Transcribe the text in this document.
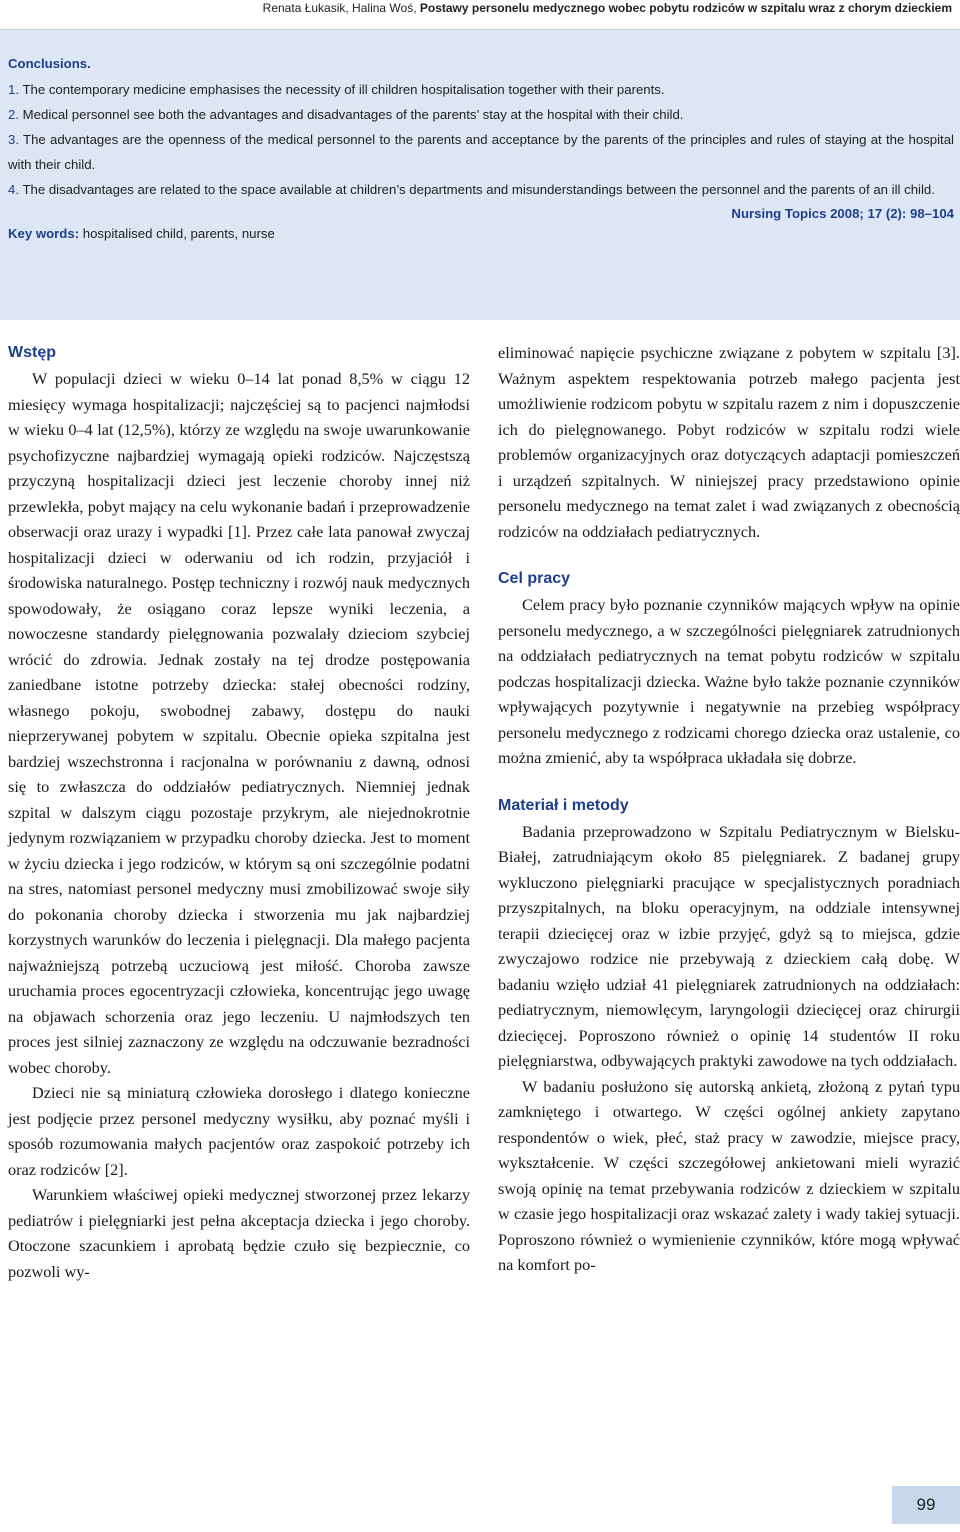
Renata Łukasik, Halina Woś, Postawy personelu medycznego wobec pobytu rodziców w szpitalu wraz z chorym dzieckiem
Conclusions.
1. The contemporary medicine emphasises the necessity of ill children hospitalisation together with their parents.
2. Medical personnel see both the advantages and disadvantages of the parents’ stay at the hospital with their child.
3. The advantages are the openness of the medical personnel to the parents and acceptance by the parents of the principles and rules of staying at the hospital with their child.
4. The disadvantages are related to the space available at children’s departments and misunderstandings between the personnel and the parents of an ill child.
Nursing Topics 2008; 17 (2): 98–104
Key words: hospitalised child, parents, nurse
Wstęp

W populacji dzieci w wieku 0–14 lat ponad 8,5% w ciągu 12 miesięcy wymaga hospitalizacji; najczęściej są to pacjenci najmłodsi w wieku 0–4 lat (12,5%), którzy ze względu na swoje uwarunkowanie psychofizyczne najbardziej wymagają opieki rodziców. Najczęstszą przyczyną hospitalizacji dzieci jest leczenie choroby innej niż przewlekła, pobyt mający na celu wykonanie badań i przeprowadzenie obserwacji oraz urazy i wypadki [1]. Przez całe lata panował zwyczaj hospitalizacji dzieci w oderwaniu od ich rodzin, przyjaciół i środowiska naturalnego. Postęp techniczny i rozwój nauk medycznych spowodowały, że osiągano coraz lepsze wyniki leczenia, a nowoczesne standardy pielęgnowania pozwalały dzieciom szybciej wrócić do zdrowia. Jednak zostały na tej drodze postępowania zaniedbane istotne potrzeby dziecka: stałej obecności rodziny, własnego pokoju, swobodnej zabawy, dostępu do nauki nieprzerywanej pobytem w szpitalu. Obecnie opieka szpitalna jest bardziej wszechstronna i racjonalna w porównaniu z dawną, odnosi się to zwłaszcza do oddziałów pediatrycznych. Niemniej jednak szpital w dalszym ciągu pozostaje przykrym, ale niejednokrotnie jedynym rozwiązaniem w przypadku choroby dziecka. Jest to moment w życiu dziecka i jego rodziców, w którym są oni szczególnie podatni na stres, natomiast personel medyczny musi zmobilizować swoje siły do pokonania choroby dziecka i stworzenia mu jak najbardziej korzystnych warunków do leczenia i pielęgnacji. Dla małego pacjenta najważniejszą potrzebą uczuciową jest miłość. Choroba zawsze uruchamia proces egocentryzacji człowieka, koncentrując jego uwagę na objawach schorzenia oraz jego leczeniu. U najmłodszych ten proces jest silniej zaznaczony ze względu na odczuwanie bezradności wobec choroby.

Dzieci nie są miniaturą człowieka dorosłego i dlatego konieczne jest podjęcie przez personel medyczny wysiłku, aby poznać myśli i sposób rozumowania małych pacjentów oraz zaspokoić potrzeby ich oraz rodziców [2].

Warunkiem właściwej opieki medycznej stworzonej przez lekarzy pediatrów i pielęgniarki jest pełna akceptacja dziecka i jego choroby. Otoczone szacunkiem i aprobatą będzie czuło się bezpiecznie, co pozwoli wy-

eliminować napięcie psychiczne związane z pobytem w szpitalu [3]. Ważnym aspektem respektowania potrzeb małego pacjenta jest umożliwienie rodzicom pobytu w szpitalu razem z nim i dopuszczenie ich do pielęgnowanego. Pobyt rodziców w szpitalu rodzi wiele problemów organizacyjnych oraz dotyczących adaptacji pomieszczeń i urządzeń szpitalnych. W niniejszej pracy przedstawiono opinie personelu medycznego na temat zalet i wad związanych z obecnością rodziców na oddziałach pediatrycznych.

Cel pracy

Celem pracy było poznanie czynników mających wpływ na opinie personelu medycznego, a w szczególności pielęgniarek zatrudnionych na oddziałach pediatrycznych na temat pobytu rodziców w szpitalu podczas hospitalizacji dziecka. Ważne było także poznanie czynników wpływających pozytywnie i negatywnie na przebieg współpracy personelu medycznego z rodzicami chorego dziecka oraz ustalenie, co można zmienić, aby ta współpraca układała się dobrze.

Materiał i metody

Badania przeprowadzono w Szpitalu Pediatrycznym w Bielsku-Białej, zatrudniającym około 85 pielęgniarek. Z badanej grupy wykluczono pielęgniarki pracujące w specjalistycznych poradniach przyszpitalnych, na bloku operacyjnym, na oddziale intensywnej terapii dziecięcej oraz w izbie przyjęć, gdyż są to miejsca, gdzie zwyczajowo rodzice nie przebywają z dzieckiem całą dobę. W badaniu wzięło udział 41 pielęgniarek zatrudnionych na oddziałach: pediatrycznym, niemowlęcym, laryngologii dziecięcej oraz chirurgii dziecięcej. Poproszono również o opinię 14 studentów II roku pielęgniarstwa, odbywających praktyki zawodowe na tych oddziałach.

W badaniu posłużono się autorską ankietą, złożoną z pytań typu zamkniętego i otwartego. W części ogólnej ankiety zapytano respondentów o wiek, płeć, staż pracy w zawodzie, miejsce pracy, wykształcenie. W części szczegółowej ankietowani mieli wyrazić swoją opinię na temat przebywania rodziców z dzieckiem w szpitalu w czasie jego hospitalizacji oraz wskazać zalety i wady takiej sytuacji. Poproszono również o wymienienie czynników, które mogą wpływać na komfort po-

99
